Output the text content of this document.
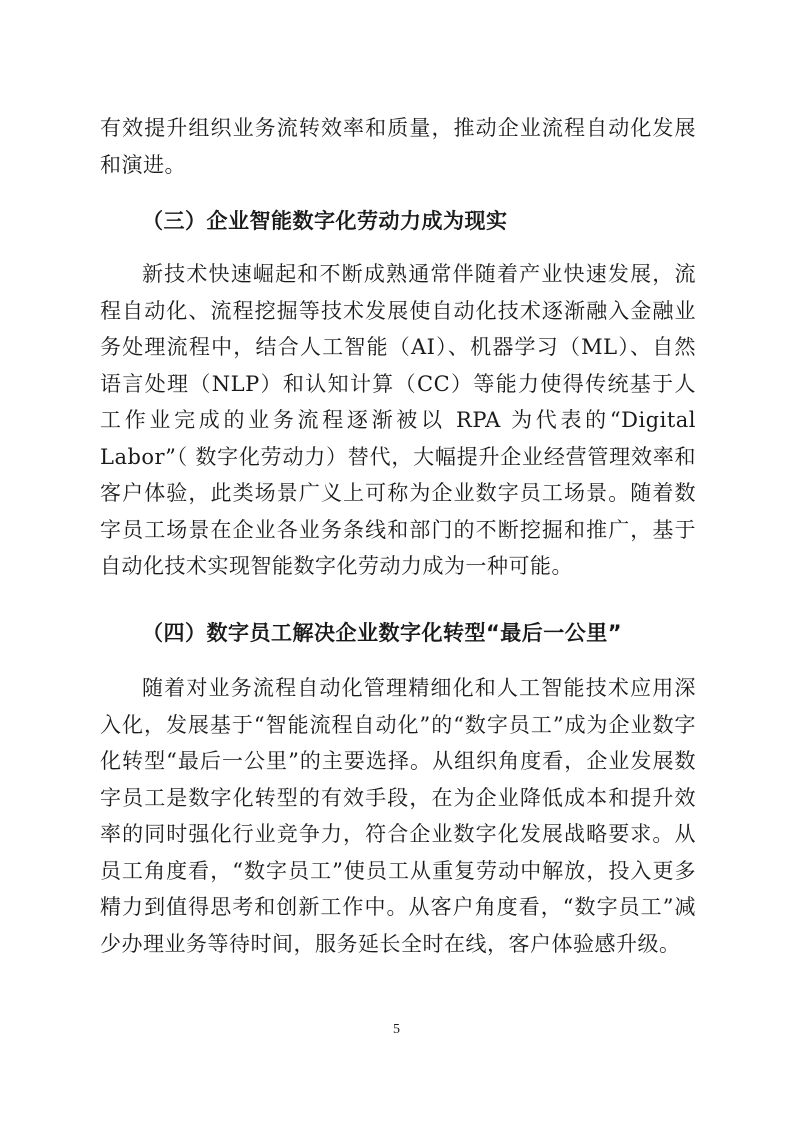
有效提升组织业务流转效率和质量，推动企业流程自动化发展和演进。

（三）企业智能数字化劳动力成为现实

新技术快速崛起和不断成熟通常伴随着产业快速发展，流程自动化、流程挖掘等技术发展使自动化技术逐渐融入金融业务处理流程中，结合人工智能（AI）、机器学习（ML）、自然语言处理（NLP）和认知计算（CC）等能力使得传统基于人工作业完成的业务流程逐渐被以 RPA 为代表的“Digital Labor”（ 数字化劳动力）替代，大幅提升企业经营管理效率和客户体验，此类场景广义上可称为企业数字员工场景。随着数字员工场景在企业各业务条线和部门的不断挖掘和推广，基于自动化技术实现智能数字化劳动力成为一种可能。

（四）数字员工解决企业数字化转型“最后一公里”

随着对业务流程自动化管理精细化和人工智能技术应用深入化，发展基于“智能流程自动化”的“数字员工”成为企业数字化转型“最后一公里”的主要选择。从组织角度看，企业发展数字员工是数字化转型的有效手段，在为企业降低成本和提升效率的同时强化行业竞争力，符合企业数字化发展战略要求。从员工角度看，“数字员工”使员工从重复劳动中解放，投入更多精力到值得思考和创新工作中。从客户角度看，“数字员工”减少办理业务等待时间，服务延长全时在线，客户体验感升级。

5
